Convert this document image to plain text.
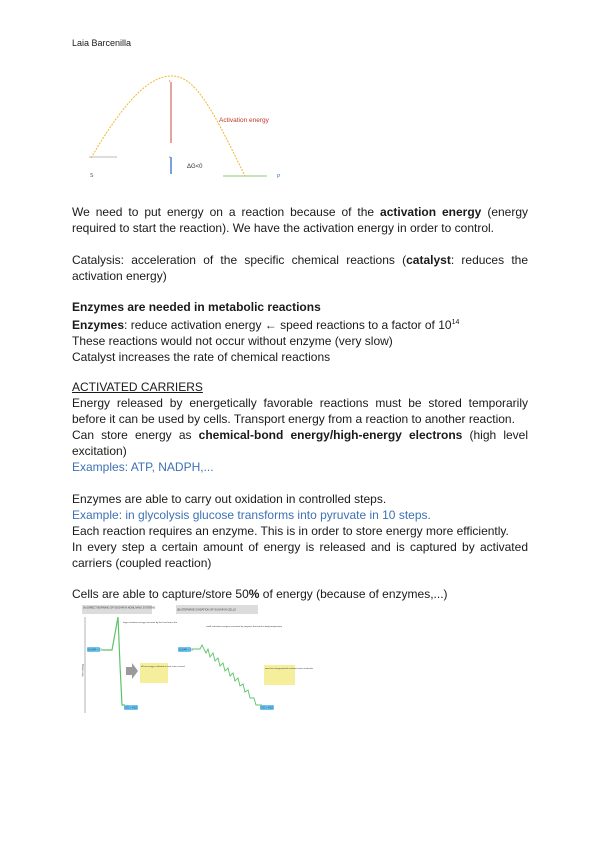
Laia Barcenilla
Activation energy
ΔG<0
S	P
•
•

We need to put energy on a reaction because of the activation energy (energy required to start the reaction). We have the activation energy in order to control.

Catalysis: acceleration of the specific chemical reactions (catalyst: reduces the activation energy)

Enzymes are needed in metabolic reactions

Enzymes: reduce activation energy ← speed reactions to a factor of $10^{14}$

These reactions would not occur without enzyme (very slow)

Catalyst increases the rate of chemical reactions

ACTIVATED CARRIERS

Energy released by energetically favorable reactions must be stored temporarily before it can be used by cells. Transport energy from a reaction to another reaction.

Can store energy as chemical-bond energy/high-energy electrons (high level excitation)

Examples: ATP, NADPH,...

Enzymes are able to carry out oxidation in controlled steps.

Example: in glycolysis glucose transforms into pyruvate in 10 steps.

Each reaction requires an enzyme. This is in order to store energy more efficiently.

In every step a certain amount of energy is released and is captured by activated carriers (coupled reaction)

Cells are able to capture/store 50% of energy (because of enzymes,...)

(A) DIRECT BURNING OF SUGAR IN NONLIVING SYSTEMS
free energy
SUGAR + O2
large activation energy overcome by the heat from a fire
all free energy is released as heat; none is stored
CO2 + H2O
(B) STEPWISE OXIDATION OF SUGAR IN CELLS
SUGAR + O2
small activation energies overcome by enzymes that work at body temperature
some free energy stored in activated carrier molecules
CO2 + H2O
